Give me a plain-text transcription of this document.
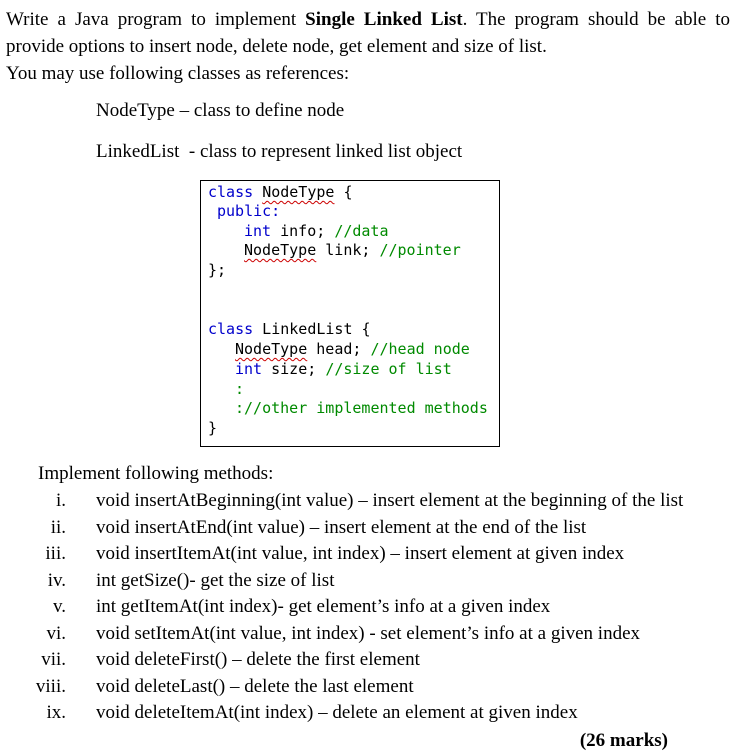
Write a Java program to implement Single Linked List. The program should be able to
provide options to insert node, delete node, get element and size of list.
You may use following classes as references:
NodeType – class to define node
LinkedList  - class to represent linked list object
class NodeType {
public:
int info; //data
NodeType link; //pointer
};
class LinkedList {
NodeType head; //head node
int size; //size of list
:
://other implemented methods
}
Implement following methods:
i. void insertAtBeginning(int value) – insert element at the beginning of the list
ii. void insertAtEnd(int value) – insert element at the end of the list
iii. void insertItemAt(int value, int index) – insert element at given index
iv. int getSize()- get the size of list
v. int getItemAt(int index)- get element’s info at a given index
vi. void setItemAt(int value, int index) - set element’s info at a given index
vii. void deleteFirst() – delete the first element
viii. void deleteLast() – delete the last element
ix. void deleteItemAt(int index) – delete an element at given index
(26 marks)
